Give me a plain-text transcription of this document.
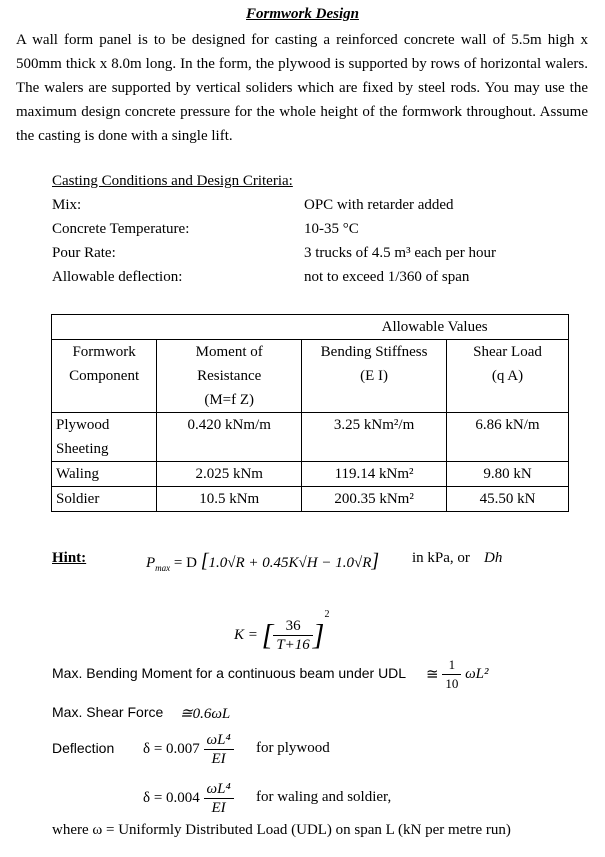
Formwork Design
A wall form panel is to be designed for casting a reinforced concrete wall of 5.5m high x 500mm thick x 8.0m long. In the form, the plywood is supported by rows of horizontal walers. The walers are supported by vertical soliders which are fixed by steel rods. You may use the maximum design concrete pressure for the whole height of the formwork throughout. Assume the casting is done with a single lift.
Casting Conditions and Design Criteria:
Mix:	OPC with retarder added
Concrete Temperature:	10-35 °C
Pour Rate:	3 trucks of 4.5 m³ each per hour
Allowable deflection:	not to exceed 1/360 of span
		Allowable Values	
Formwork	Moment of	Bending Stiffness	Shear Load
Component	Resistance	(E I)	(q A)
	(M=f Z)		
Plywood	0.420 kNm/m	3.25 kNm²/m	6.86 kN/m
Sheeting			
Waling	2.025 kNm	119.14 kNm²	9.80 kN
Soldier	10.5 kNm	200.35 kNm²	45.50 kN
Hint:	$P_{max} = D$ [1.0√R + 0.45K√H − 1.0√R] in kPa, or Dh
K = [ $\frac{36}{T+16} ]^2$
Max. Bending Moment for a continuous beam under UDL ≅ $\frac{1}{10} \omega L^2$
Max. Shear Force ≅0.6ωL
Deflection $\delta = 0.007 \frac{\text{ωL⁴}}{EI}$ for plywood
$\delta = 0.004 \frac{\text{ωL⁴}}{EI}$ for waling and soldier,
where ω = Uniformly Distributed Load (UDL) on span L (kN per metre run)
